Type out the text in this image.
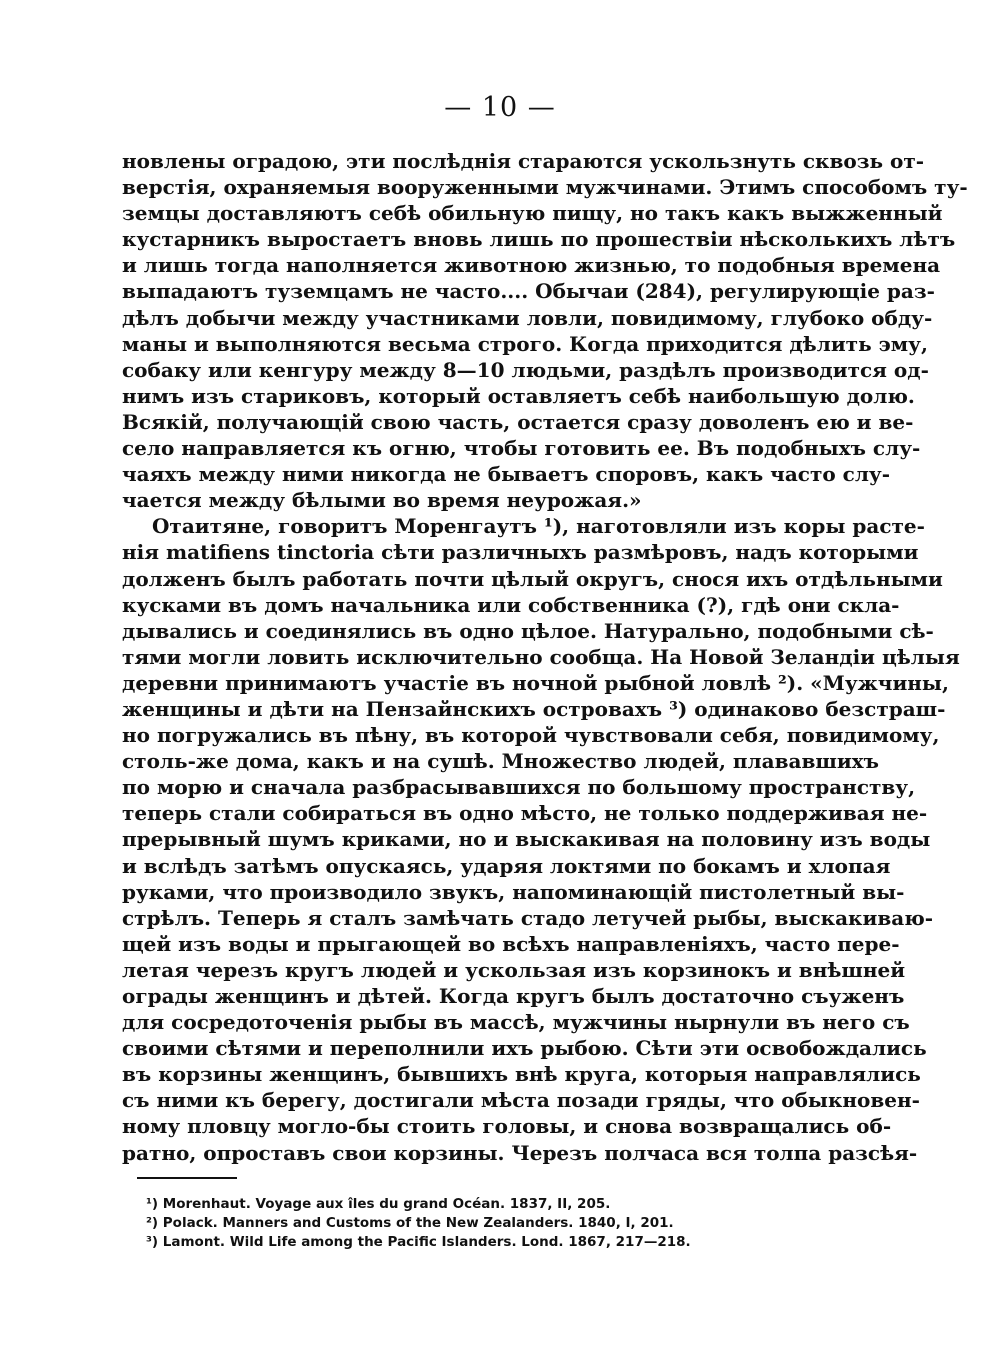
— 10 —
новлены оградою, эти послѣднія стараются ускользнуть сквозь от-
верстія, охраняемыя вооруженными мужчинами. Этимъ способомъ ту-
земцы доставляютъ себѣ обильную пищу, но такъ какъ выжженный
кустарникъ выростаетъ вновь лишь по прошествіи нѣсколькихъ лѣтъ
и лишь тогда наполняется животною жизнью, то подобныя времена
выпадаютъ туземцамъ не часто.... Обычаи (284), регулирующіе раз-
дѣлъ добычи между участниками ловли, повидимому, глубоко обду-
маны и выполняются весьма строго. Когда приходится дѣлить эму,
собаку или кенгуру между 8—10 людьми, раздѣлъ производится од-
нимъ изъ стариковъ, который оставляетъ себѣ наибольшую долю.
Всякій, получающій свою часть, остается сразу доволенъ ею и ве-
село направляется къ огню, чтобы готовить ее. Въ подобныхъ слу-
чаяхъ между ними никогда не бываетъ споровъ, какъ часто слу-
чается между бѣлыми во время неурожая.»
Отаитяне, говоритъ Моренгаутъ ¹), наготовляли изъ коры расте-
нія matifiens tinctoria сѣти различныхъ размѣровъ, надъ которыми
долженъ былъ работать почти цѣлый округъ, снося ихъ отдѣльными
кусками въ домъ начальника или собственника (?), гдѣ они скла-
дывались и соединялись въ одно цѣлое. Натурально, подобными сѣ-
тями могли ловить исключительно сообща. На Новой Зеландіи цѣлыя
деревни принимаютъ участіе въ ночной рыбной ловлѣ ²). «Мужчины,
женщины и дѣти на Пензайнскихъ островахъ ³) одинаково безстраш-
но погружались въ пѣну, въ которой чувствовали себя, повидимому,
столь-же дома, какъ и на сушѣ. Множество людей, плававшихъ
по морю и сначала разбрасывавшихся по большому пространству,
теперь стали собираться въ одно мѣсто, не только поддерживая не-
прерывный шумъ криками, но и выскакивая на половину изъ воды
и вслѣдъ затѣмъ опускаясь, ударяя локтями по бокамъ и хлопая
руками, что производило звукъ, напоминающій пистолетный вы-
стрѣлъ. Теперь я сталъ замѣчать стадо летучей рыбы, выскакиваю-
щей изъ воды и прыгающей во всѣхъ направленіяхъ, часто пере-
летая черезъ кругъ людей и ускользая изъ корзинокъ и внѣшней
ограды женщинъ и дѣтей. Когда кругъ былъ достаточно съуженъ
для сосредоточенія рыбы въ массѣ, мужчины нырнули въ него съ
своими сѣтями и переполнили ихъ рыбою. Сѣти эти освобождались
въ корзины женщинъ, бывшихъ внѣ круга, которыя направлялись
съ ними къ берегу, достигали мѣста позади гряды, что обыкновен-
ному пловцу могло-бы стоить головы, и снова возвращались об-
ратно, опроставъ свои корзины. Черезъ полчаса вся толпа разсѣя-
¹) Morenhaut. Voyage aux îles du grand Océan. 1837, II, 205.
²) Polack. Manners and Customs of the New Zealanders. 1840, I, 201.
³) Lamont. Wild Life among the Pacific Islanders. Lond. 1867, 217—218.
